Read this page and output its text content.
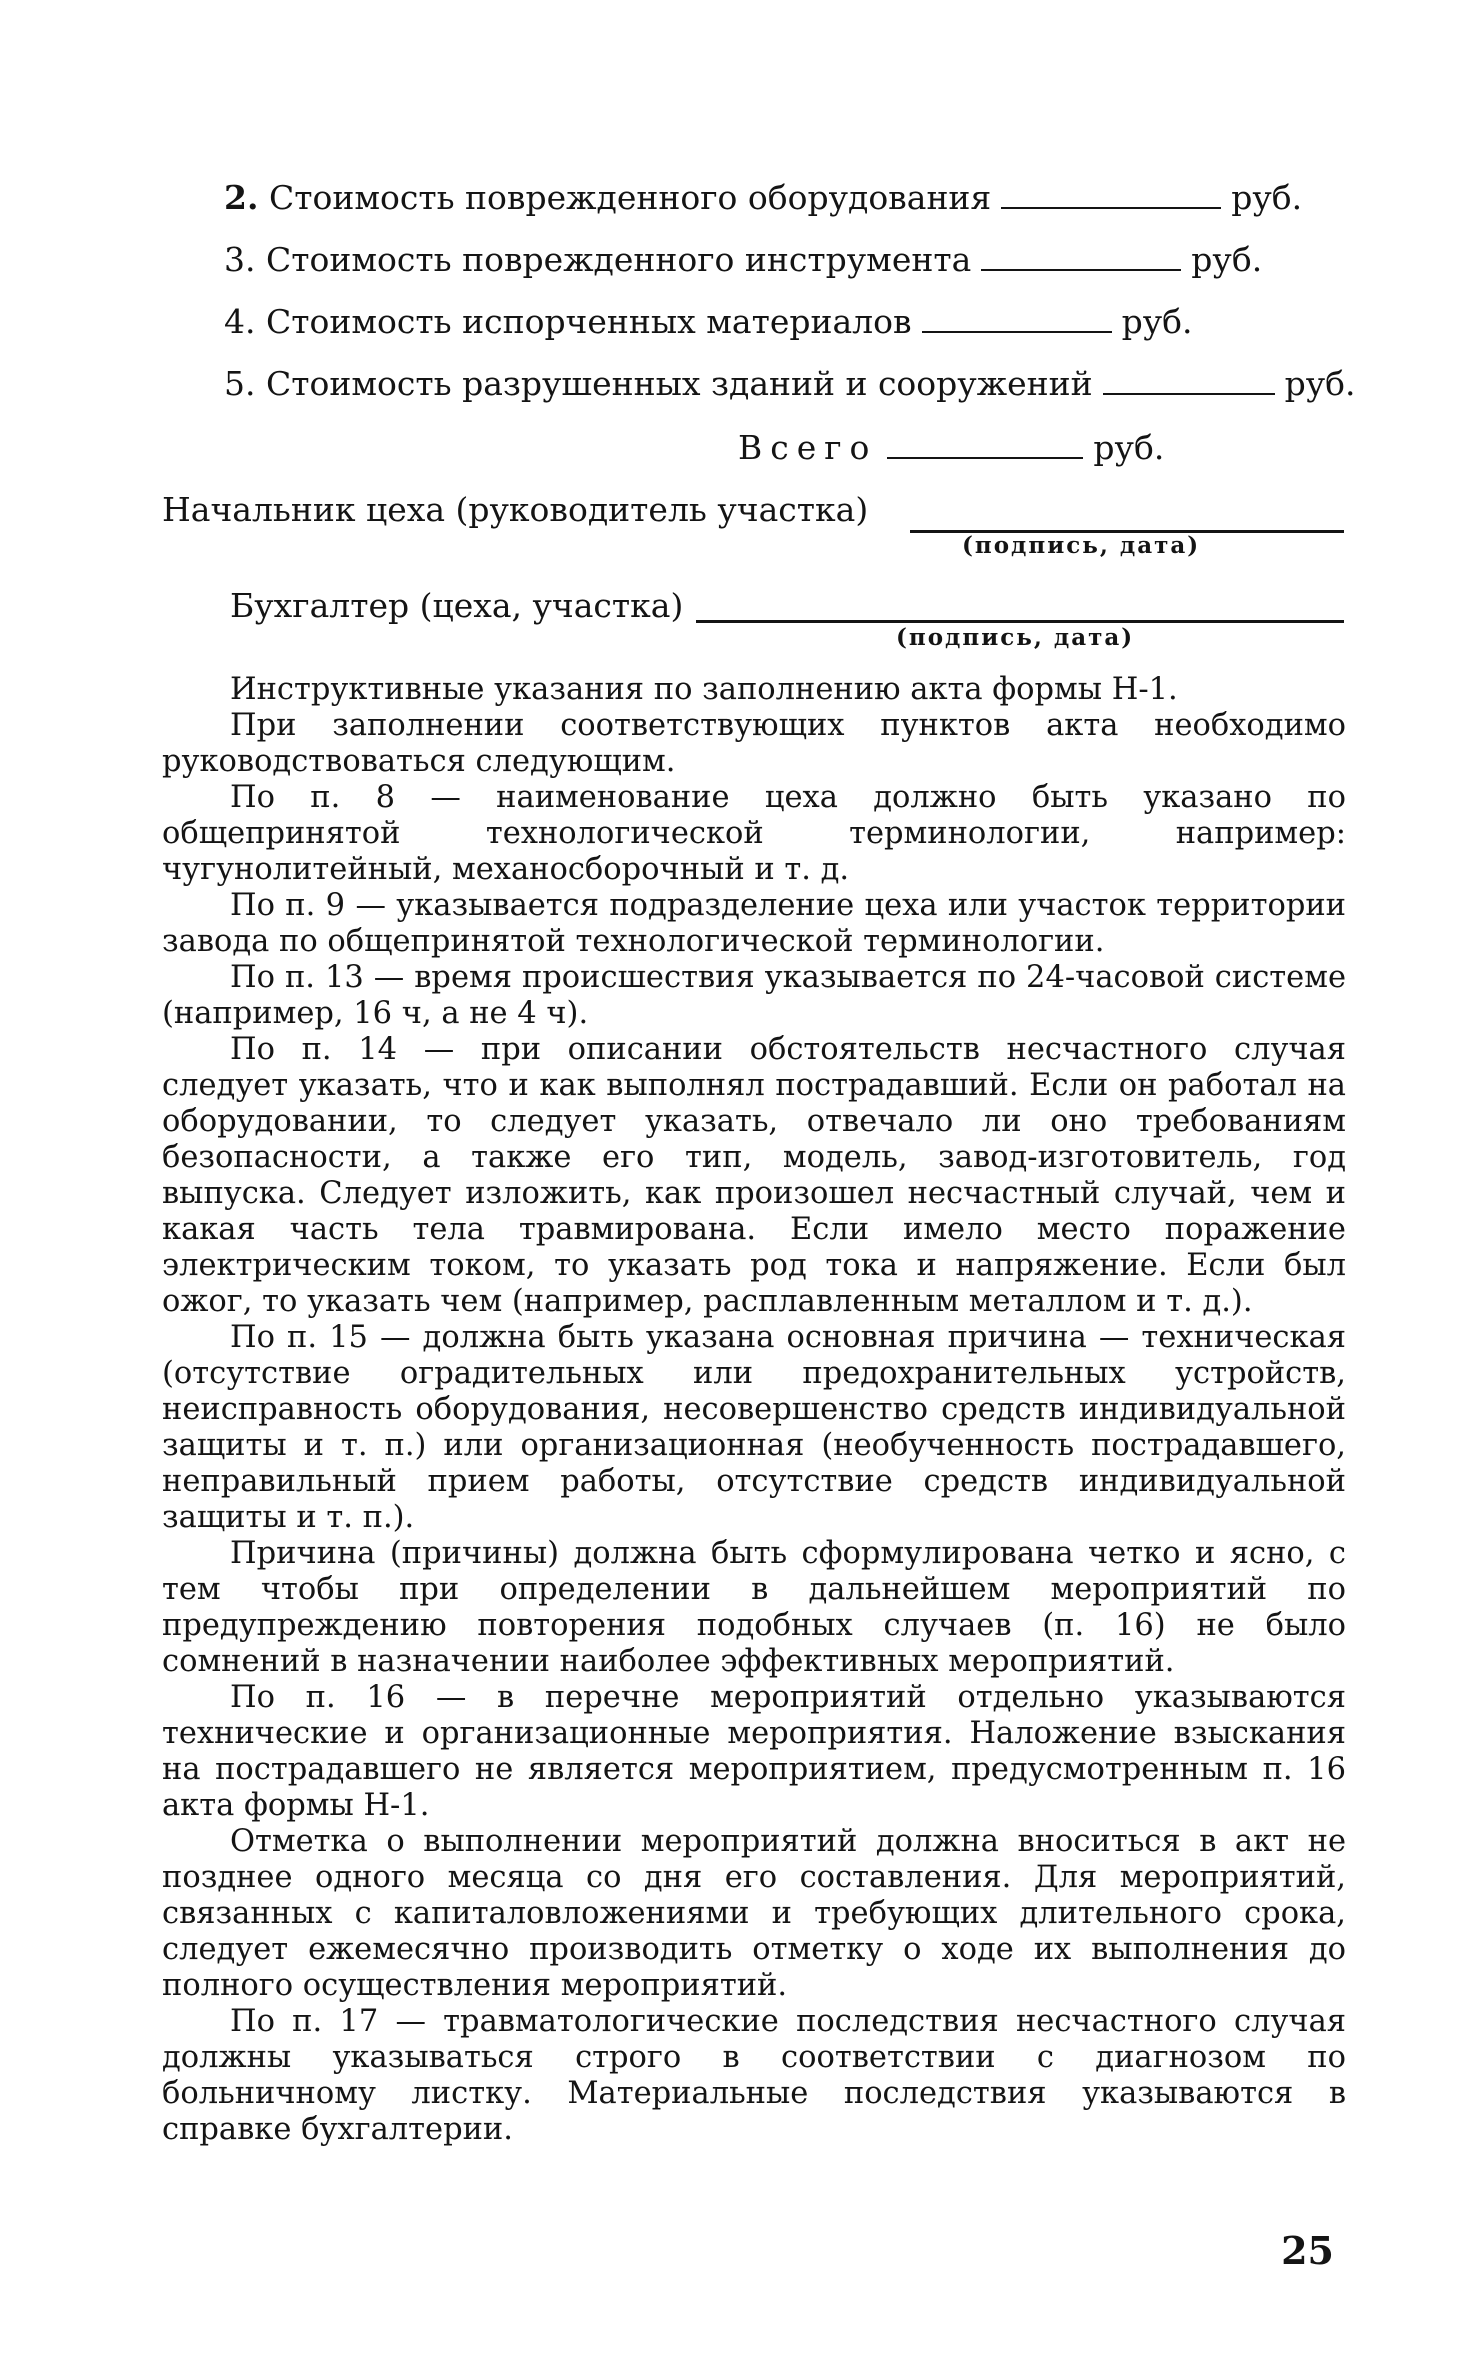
2. Стоимость поврежденного оборудования	руб.
3. Стоимость поврежденного инструмента	руб.
4. Стоимость испорченных материалов	руб.
5. Стоимость разрушенных зданий и сооружений	руб.
Всего	руб.
Начальник цеха (руководитель участка)
(подпись, дата)
Бухгалтер (цеха, участка)
(подпись, дата)

Инструктивные указания по заполнению акта формы Н-1.

При заполнении соответствующих пунктов акта необходимо руководствоваться следующим.

По п. 8 — наименование цеха должно быть указано по общепринятой технологической терминологии, например: чугунолитейный, механосборочный и т. д.

По п. 9 — указывается подразделение цеха или участок территории завода по общепринятой технологической терминологии.

По п. 13 — время происшествия указывается по 24-часовой системе (например, 16 ч, а не 4 ч).

По п. 14 — при описании обстоятельств несчастного случая следует указать, что и как выполнял пострадавший. Если он работал на оборудовании, то следует указать, отвечало ли оно требованиям безопасности, а также его тип, модель, завод-изготовитель, год выпуска. Следует изложить, как произошел несчастный случай, чем и какая часть тела травмирована. Если имело место поражение электрическим током, то указать род тока и напряжение. Если был ожог, то указать чем (например, расплавленным металлом и т. д.).

По п. 15 — должна быть указана основная причина — техническая (отсутствие оградительных или предохранительных устройств, неисправность оборудования, несовершенство средств индивидуальной защиты и т. п.) или организационная (необученность пострадавшего, неправильный прием работы, отсутствие средств индивидуальной защиты и т. п.).

Причина (причины) должна быть сформулирована четко и ясно, с тем чтобы при определении в дальнейшем мероприятий по предупреждению повторения подобных случаев (п. 16) не было сомнений в назначении наиболее эффективных мероприятий.

По п. 16 — в перечне мероприятий отдельно указываются технические и организационные мероприятия. Наложение взыскания на пострадавшего не является мероприятием, предусмотренным п. 16 акта формы Н-1.

Отметка о выполнении мероприятий должна вноситься в акт не позднее одного месяца со дня его составления. Для мероприятий, связанных с капиталовложениями и требующих длительного срока, следует ежемесячно производить отметку о ходе их выполнения до полного осуществления мероприятий.

По п. 17 — травматологические последствия несчастного случая должны указываться строго в соответствии с диагнозом по больничному листку. Материальные последствия указываются в справке бухгалтерии.

25
